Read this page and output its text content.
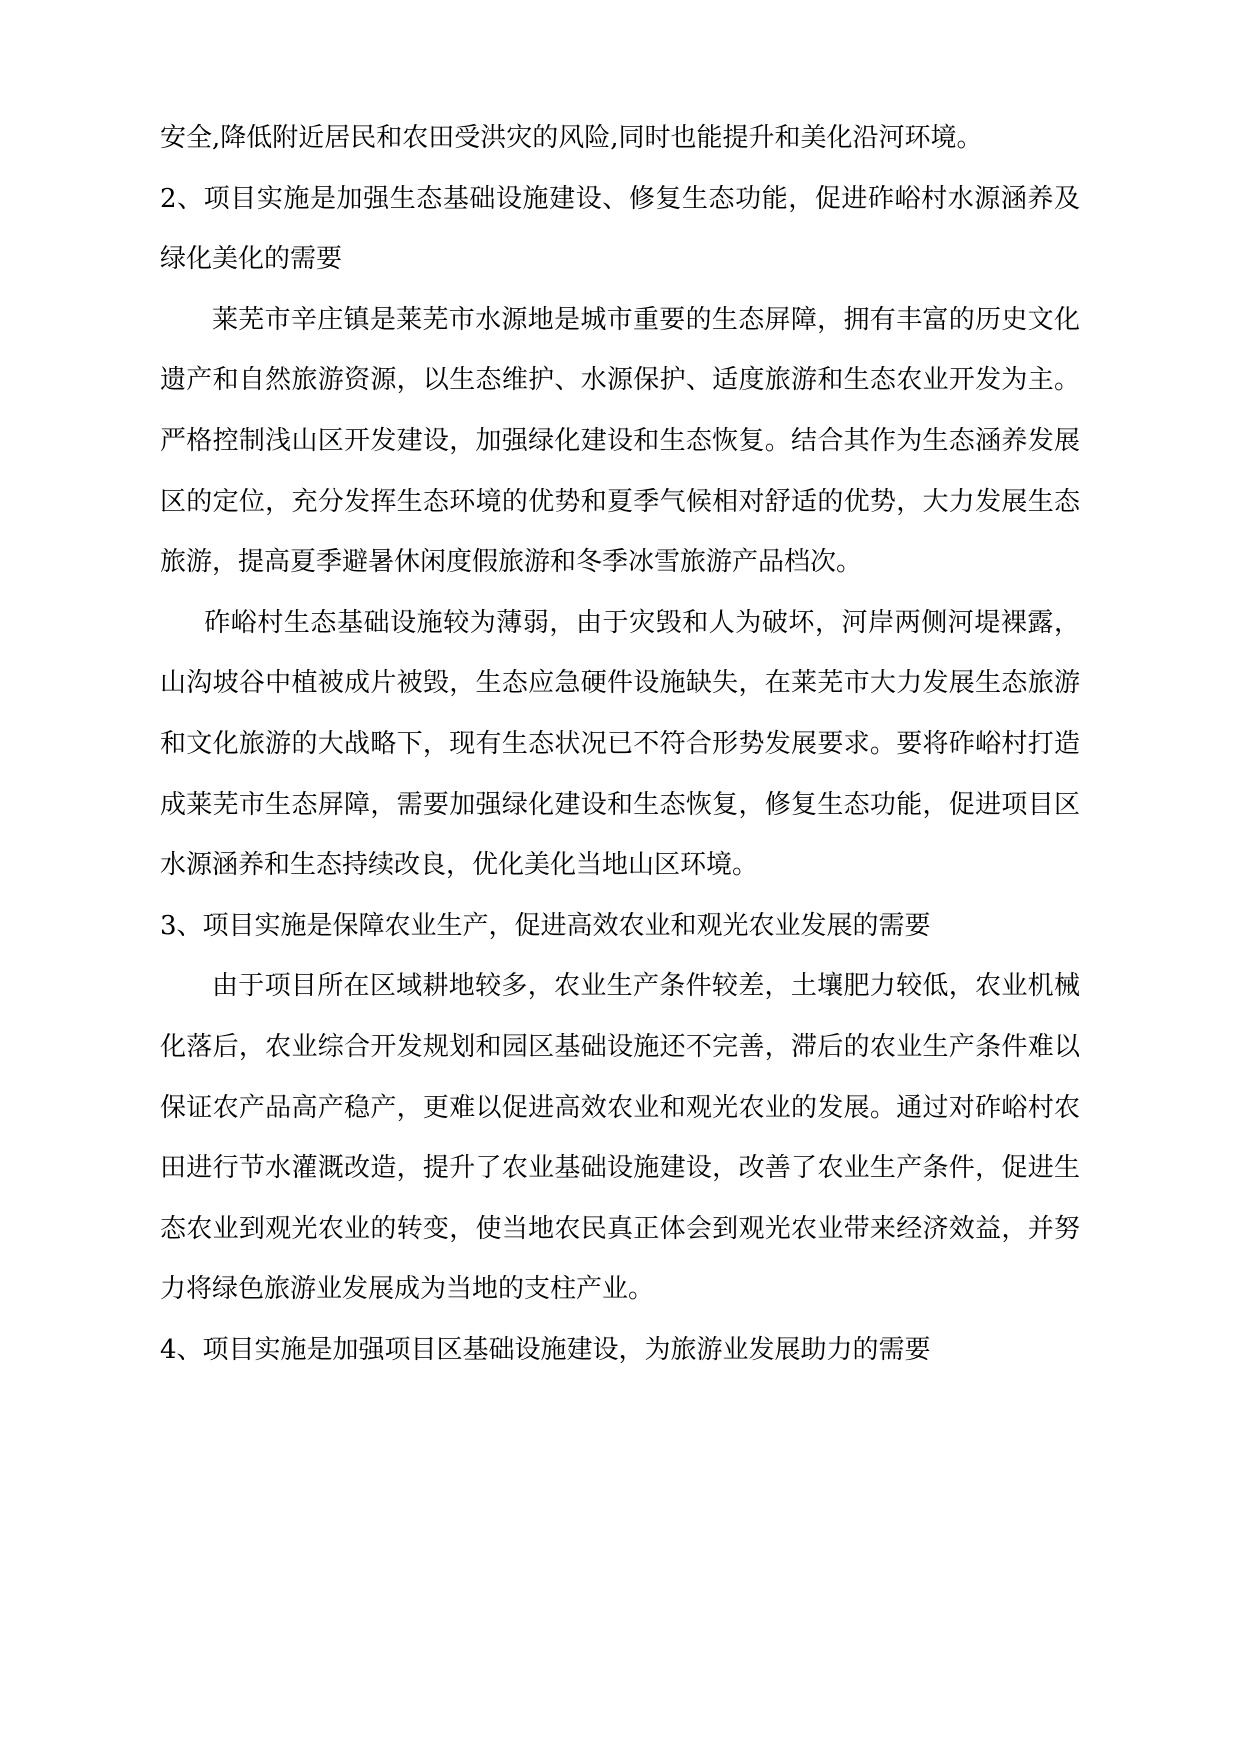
安全,降低附近居民和农田受洪灾的风险,同时也能提升和美化沿河环境。

2、项目实施是加强生态基础设施建设、修复生态功能，促进砟峪村水源涵养及绿化美化的需要

莱芜市辛庄镇是莱芜市水源地是城市重要的生态屏障，拥有丰富的历史文化遗产和自然旅游资源，以生态维护、水源保护、适度旅游和生态农业开发为主。严格控制浅山区开发建设，加强绿化建设和生态恢复。结合其作为生态涵养发展区的定位，充分发挥生态环境的优势和夏季气候相对舒适的优势，大力发展生态旅游，提高夏季避暑休闲度假旅游和冬季冰雪旅游产品档次。

砟峪村生态基础设施较为薄弱，由于灾毁和人为破坏，河岸两侧河堤裸露，山沟坡谷中植被成片被毁，生态应急硬件设施缺失，在莱芜市大力发展生态旅游和文化旅游的大战略下，现有生态状况已不符合形势发展要求。要将砟峪村打造成莱芜市生态屏障，需要加强绿化建设和生态恢复，修复生态功能，促进项目区水源涵养和生态持续改良，优化美化当地山区环境。

3、项目实施是保障农业生产，促进高效农业和观光农业发展的需要

由于项目所在区域耕地较多，农业生产条件较差，土壤肥力较低，农业机械化落后，农业综合开发规划和园区基础设施还不完善，滞后的农业生产条件难以保证农产品高产稳产，更难以促进高效农业和观光农业的发展。通过对砟峪村农田进行节水灌溉改造，提升了农业基础设施建设，改善了农业生产条件，促进生态农业到观光农业的转变，使当地农民真正体会到观光农业带来经济效益，并努力将绿色旅游业发展成为当地的支柱产业。

4、项目实施是加强项目区基础设施建设，为旅游业发展助力的需要
